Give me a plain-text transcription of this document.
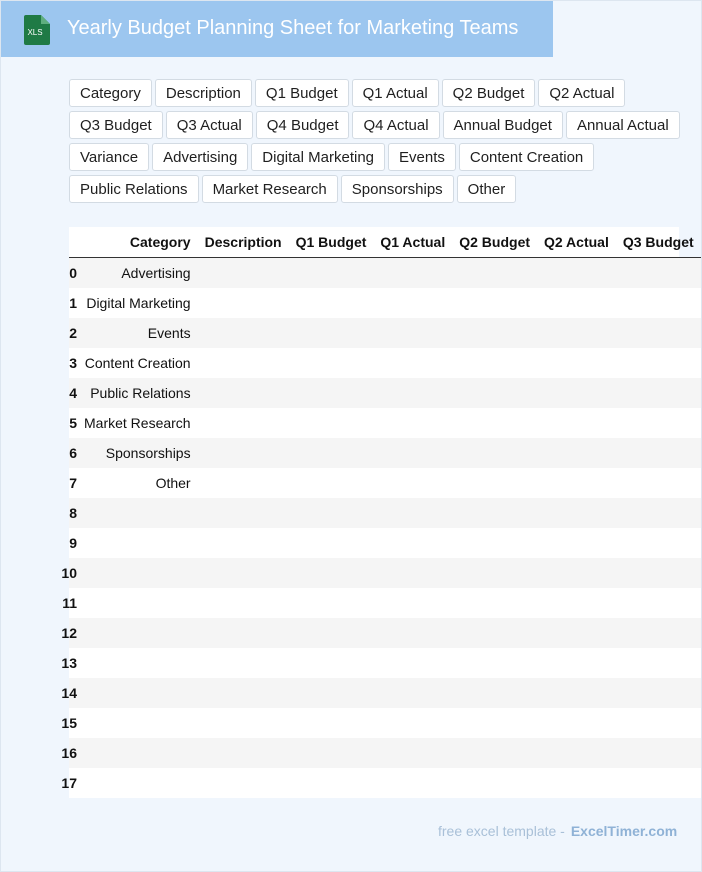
XLS Yearly Budget Planning Sheet for Marketing Teams
Category	Description	Q1 Budget	Q1 Actual	Q2 Budget	Q2 Actual
Q3 Budget	Q3 Actual	Q4 Budget	Q4 Actual	Annual Budget	Annual Actual
Variance	Advertising	Digital Marketing	Events	Content Creation
Public Relations	Market Research	Sponsorships	Other
	Category	Description	Q1 Budget	Q1 Actual	Q2 Budget	Q2 Actual	Q3 Budget
0	Advertising						
1	Digital Marketing						
2	Events						
3	Content Creation						
4	Public Relations						
5	Market Research						
6	Sponsorships						
7	Other						
8							
9							
10							
11							
12							
13							
14							
15							
16							
17							
free excel template - ExcelTimer.com
